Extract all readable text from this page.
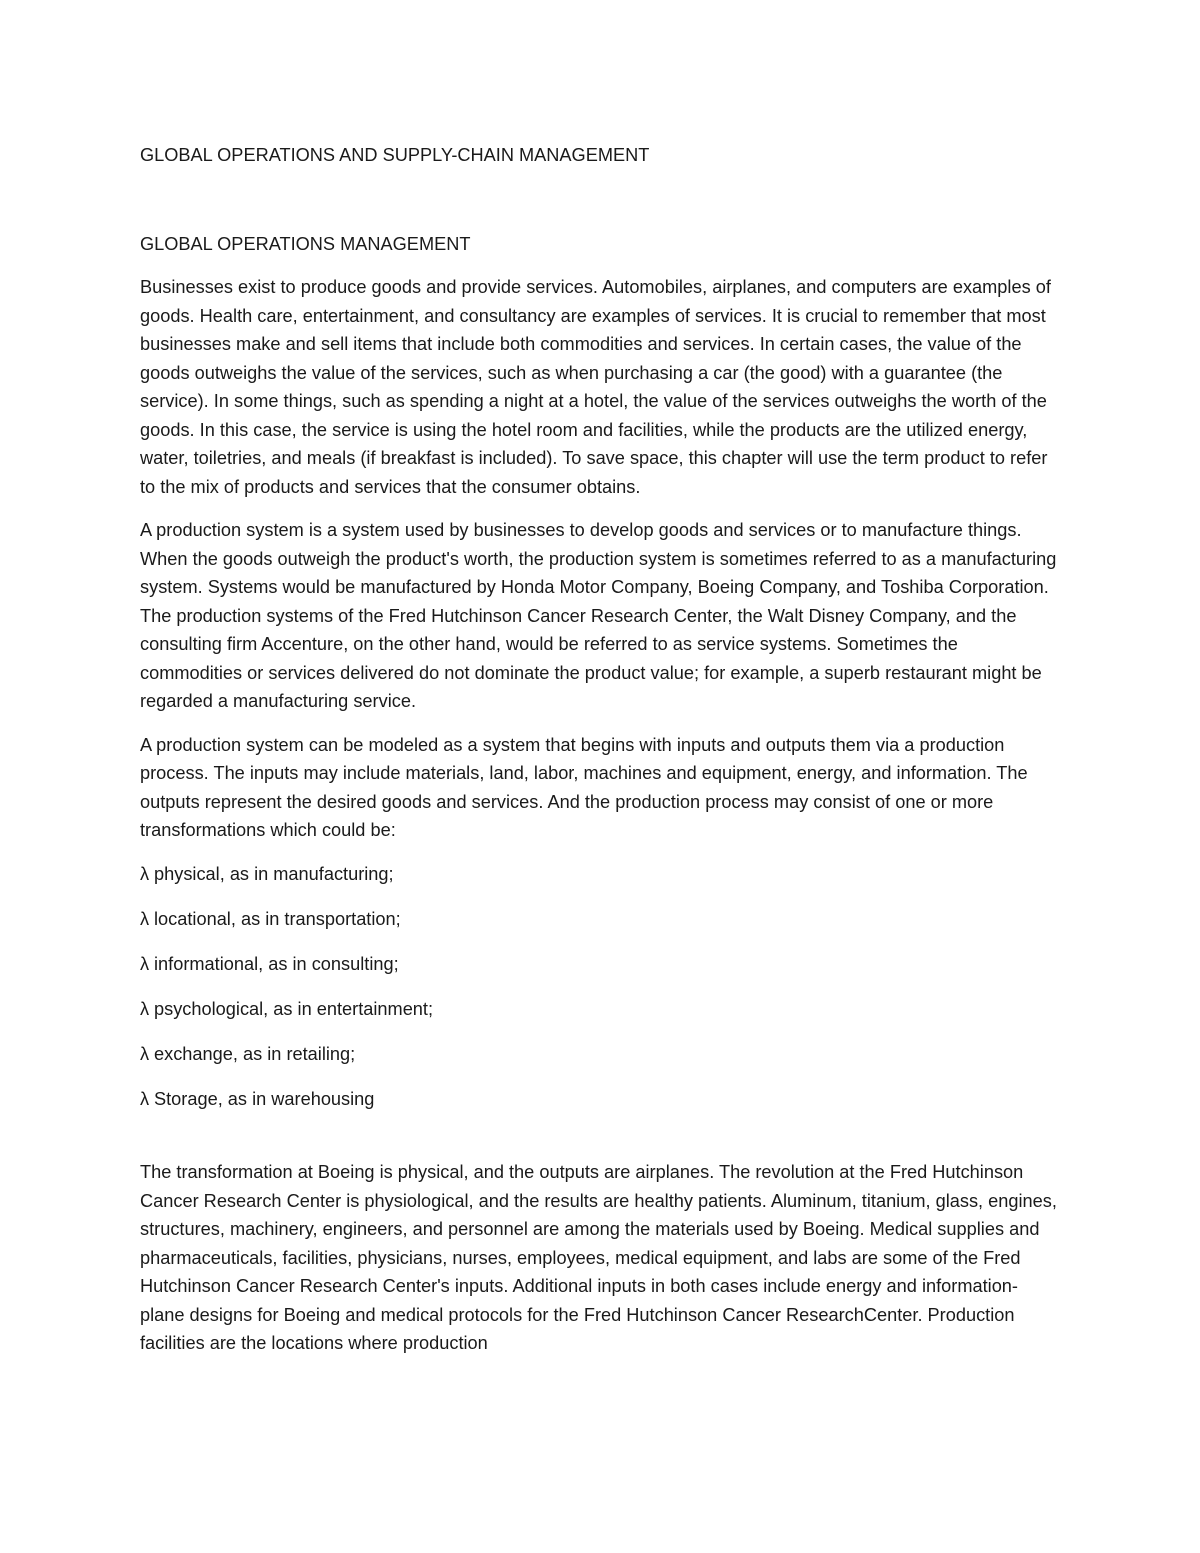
GLOBAL OPERATIONS AND SUPPLY-CHAIN MANAGEMENT
GLOBAL OPERATIONS MANAGEMENT

Businesses exist to produce goods and provide services. Automobiles, airplanes, and computers are examples of goods. Health care, entertainment, and consultancy are examples of services. It is crucial to remember that most businesses make and sell items that include both commodities and services. In certain cases, the value of the goods outweighs the value of the services, such as when purchasing a car (the good) with a guarantee (the service). In some things, such as spending a night at a hotel, the value of the services outweighs the worth of the goods. In this case, the service is using the hotel room and facilities, while the products are the utilized energy, water, toiletries, and meals (if breakfast is included). To save space, this chapter will use the term product to refer to the mix of products and services that the consumer obtains.

A production system is a system used by businesses to develop goods and services or to manufacture things. When the goods outweigh the product's worth, the production system is sometimes referred to as a manufacturing system. Systems would be manufactured by Honda Motor Company, Boeing Company, and Toshiba Corporation. The production systems of the Fred Hutchinson Cancer Research Center, the Walt Disney Company, and the consulting firm Accenture, on the other hand, would be referred to as service systems. Sometimes the commodities or services delivered do not dominate the product value; for example, a superb restaurant might be regarded a manufacturing service.

A production system can be modeled as a system that begins with inputs and outputs them via a production process. The inputs may include materials, land, labor, machines and equipment, energy, and information. The outputs represent the desired goods and services. And the production process may consist of one or more transformations which could be:

λ physical, as in manufacturing;
λ locational, as in transportation;
λ informational, as in consulting;
λ psychological, as in entertainment;
λ exchange, as in retailing;
λ Storage, as in warehousing

The transformation at Boeing is physical, and the outputs are airplanes. The revolution at the Fred Hutchinson Cancer Research Center is physiological, and the results are healthy patients. Aluminum, titanium, glass, engines, structures, machinery, engineers, and personnel are among the materials used by Boeing. Medical supplies and pharmaceuticals, facilities, physicians, nurses, employees, medical equipment, and labs are some of the Fred Hutchinson Cancer Research Center's inputs. Additional inputs in both cases include energy and information-plane designs for Boeing and medical protocols for the Fred Hutchinson Cancer ResearchCenter. Production facilities are the locations where production
